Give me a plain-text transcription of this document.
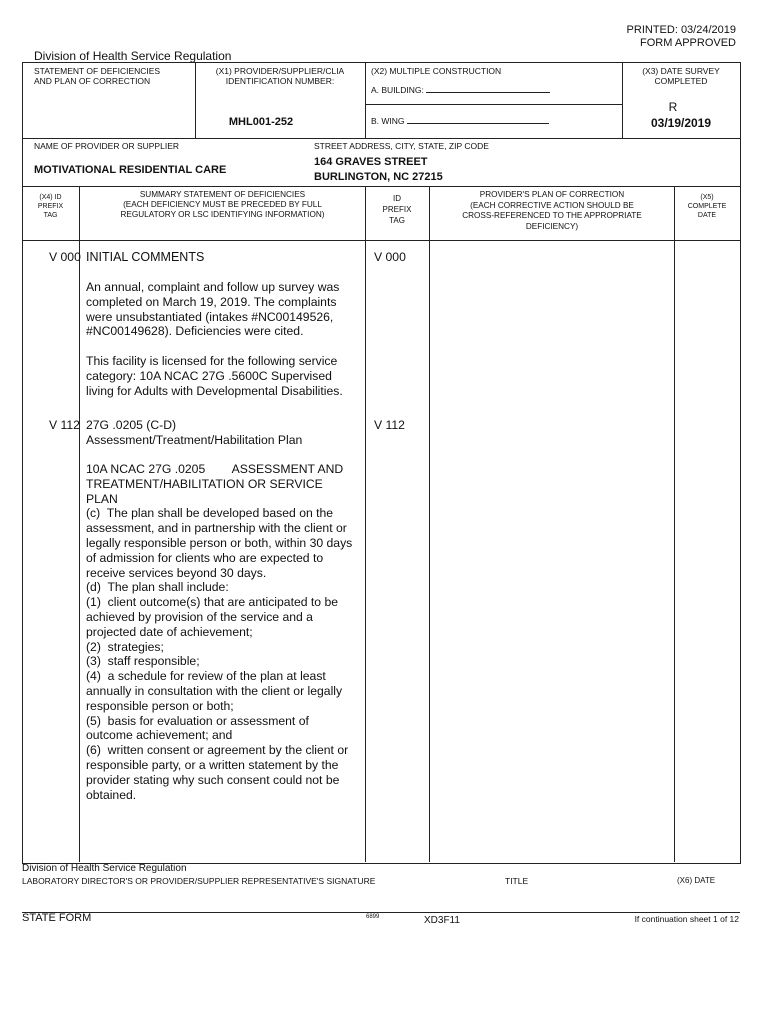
PRINTED: 03/24/2019
FORM APPROVED
Division of Health Service Regulation
STATEMENT OF DEFICIENCIES
AND PLAN OF CORRECTION
(X1) PROVIDER/SUPPLIER/CLIA
IDENTIFICATION NUMBER:
MHL001-252
(X2) MULTIPLE CONSTRUCTION
A. BUILDING:
B. WING
(X3) DATE SURVEY
COMPLETED
R
03/19/2019
NAME OF PROVIDER OR SUPPLIER
MOTIVATIONAL RESIDENTIAL CARE
STREET ADDRESS, CITY, STATE, ZIP CODE
164 GRAVES STREET
BURLINGTON, NC 27215
(X4) ID
PREFIX
TAG
SUMMARY STATEMENT OF DEFICIENCIES
(EACH DEFICIENCY MUST BE PRECEDED BY FULL
REGULATORY OR LSC IDENTIFYING INFORMATION)
ID
PREFIX
TAG
PROVIDER'S PLAN OF CORRECTION
(EACH CORRECTIVE ACTION SHOULD BE
CROSS-REFERENCED TO THE APPROPRIATE
DEFICIENCY)
(X5)
COMPLETE
DATE
V 000	V 000
INITIAL COMMENTS

An annual, complaint and follow up survey was
completed on March 19, 2019. The complaints
were unsubstantiated (intakes #NC00149526,
#NC00149628). Deficiencies were cited.

This facility is licensed for the following service
category: 10A NCAC 27G .5600C Supervised
living for Adults with Developmental Disabilities.

V 112	V 112
27G .0205 (C-D)
Assessment/Treatment/Habilitation Plan

10A NCAC 27G .0205        ASSESSMENT AND
TREATMENT/HABILITATION OR SERVICE
PLAN
(c)  The plan shall be developed based on the
assessment, and in partnership with the client or
legally responsible person or both, within 30 days
of admission for clients who are expected to
receive services beyond 30 days.
(d)  The plan shall include:
(1)  client outcome(s) that are anticipated to be
achieved by provision of the service and a
projected date of achievement;
(2)  strategies;
(3)  staff responsible;
(4)  a schedule for review of the plan at least
annually in consultation with the client or legally
responsible person or both;
(5)  basis for evaluation or assessment of
outcome achievement; and
(6)  written consent or agreement by the client or
responsible party, or a written statement by the
provider stating why such consent could not be
obtained.

Division of Health Service Regulation
LABORATORY DIRECTOR'S OR PROVIDER/SUPPLIER REPRESENTATIVE'S SIGNATURE	TITLE	(X6) DATE
STATE FORM	6899	XD3F11	If continuation sheet 1 of 12
